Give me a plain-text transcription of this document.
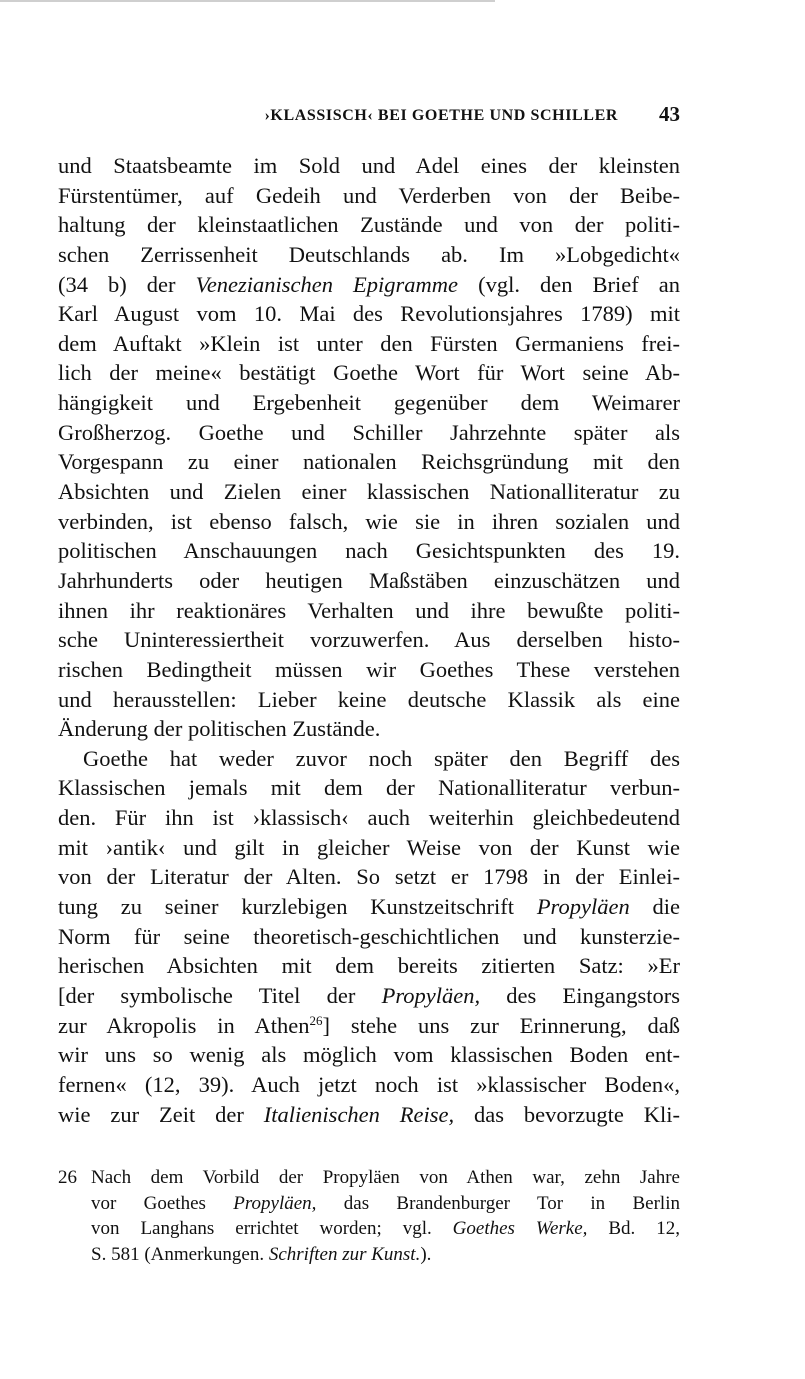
›KLASSISCH‹ BEI GOETHE UND SCHILLER 43
und Staatsbeamte im Sold und Adel eines der kleinsten
Fürstentümer, auf Gedeih und Verderben von der Beibe-
haltung der kleinstaatlichen Zustände und von der politi-
schen Zerrissenheit Deutschlands ab. Im »Lobgedicht«
(34 b) der Venezianischen Epigramme (vgl. den Brief an
Karl August vom 10. Mai des Revolutionsjahres 1789) mit
dem Auftakt »Klein ist unter den Fürsten Germaniens frei-
lich der meine« bestätigt Goethe Wort für Wort seine Ab-
hängigkeit und Ergebenheit gegenüber dem Weimarer
Großherzog. Goethe und Schiller Jahrzehnte später als
Vorgespann zu einer nationalen Reichsgründung mit den
Absichten und Zielen einer klassischen Nationalliteratur zu
verbinden, ist ebenso falsch, wie sie in ihren sozialen und
politischen Anschauungen nach Gesichtspunkten des 19.
Jahrhunderts oder heutigen Maßstäben einzuschätzen und
ihnen ihr reaktionäres Verhalten und ihre bewußte politi-
sche Uninteressiertheit vorzuwerfen. Aus derselben histo-
rischen Bedingtheit müssen wir Goethes These verstehen
und herausstellen: Lieber keine deutsche Klassik als eine
Änderung der politischen Zustände.
Goethe hat weder zuvor noch später den Begriff des
Klassischen jemals mit dem der Nationalliteratur verbun-
den. Für ihn ist ›klassisch‹ auch weiterhin gleichbedeutend
mit ›antik‹ und gilt in gleicher Weise von der Kunst wie
von der Literatur der Alten. So setzt er 1798 in der Einlei-
tung zu seiner kurzlebigen Kunstzeitschrift Propyläen die
Norm für seine theoretisch-geschichtlichen und kunsterzie-
herischen Absichten mit dem bereits zitierten Satz: »Er
[der symbolische Titel der Propyläen, des Eingangstors
zur Akropolis in Athen$^{26}$] stehe uns zur Erinnerung, daß
wir uns so wenig als möglich vom klassischen Boden ent-
fernen« (12, 39). Auch jetzt noch ist »klassischer Boden«,
wie zur Zeit der Italienischen Reise, das bevorzugte Kli-
26 Nach dem Vorbild der Propyläen von Athen war, zehn Jahre
vor Goethes Propyläen, das Brandenburger Tor in Berlin
von Langhans errichtet worden; vgl. Goethes Werke, Bd. 12,
S. 581 (Anmerkungen. Schriften zur Kunst.).
